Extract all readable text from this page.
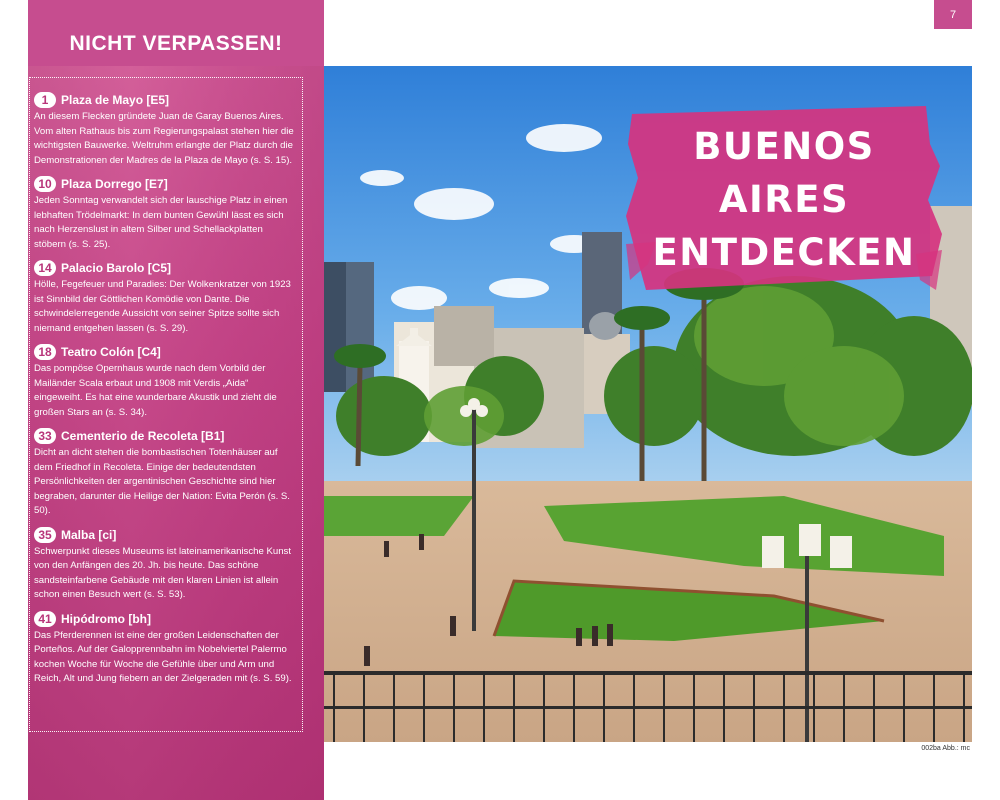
7
NICHT VERPASSEN!
1	Plaza de Mayo [E5]

An diesem Flecken gründete Juan de Garay Buenos Aires. Vom alten Rathaus bis zum Regierungspalast stehen hier die wichtigsten Bauwerke. Weltruhm erlangte der Platz durch die Demonstrationen der Madres de la Plaza de Mayo (s. S. 15).

10 Plaza Dorrego [E7]

Jeden Sonntag verwandelt sich der lauschige Platz in einen lebhaften Trödelmarkt: In dem bunten Gewühl lässt es sich nach Herzenslust in altem Silber und Schellackplatten stöbern (s. S. 25).

14 Palacio Barolo [C5]

Hölle, Fegefeuer und Paradies: Der Wolkenkratzer von 1923 ist Sinnbild der Göttlichen Komödie von Dante. Die schwindelerregende Aussicht von seiner Spitze sollte sich niemand entgehen lassen (s. S. 29).

18 Teatro Colón [C4]

Das pompöse Opernhaus wurde nach dem Vorbild der Mailänder Scala erbaut und 1908 mit Verdis „Aida“ eingeweiht. Es hat eine wunderbare Akustik und zieht die großen Stars an (s. S. 34).

33 Cementerio de Recoleta [B1]

Dicht an dicht stehen die bombastischen Totenhäuser auf dem Friedhof in Recoleta. Einige der bedeutendsten Persönlichkeiten der argentinischen Geschichte sind hier begraben, darunter die Heilige der Nation: Evita Perón (s. S. 50).

35 Malba [ci]

Schwerpunkt dieses Museums ist lateinamerikanische Kunst von den Anfängen des 20. Jh. bis heute. Das schöne sandsteinfarbene Gebäude mit den klaren Linien ist allein schon einen Besuch wert (s. S. 53).

41 Hipódromo [bh]

Das Pferderennen ist eine der großen Leidenschaften der Porteños. Auf der Galopprennbahn im Nobelviertel Palermo kochen Woche für Woche die Gefühle über und Arm und Reich, Alt und Jung fiebern an der Zielgeraden mit (s. S. 59).

BUENOS
AIRES
ENTDECKEN
002ba Abb.: mc
